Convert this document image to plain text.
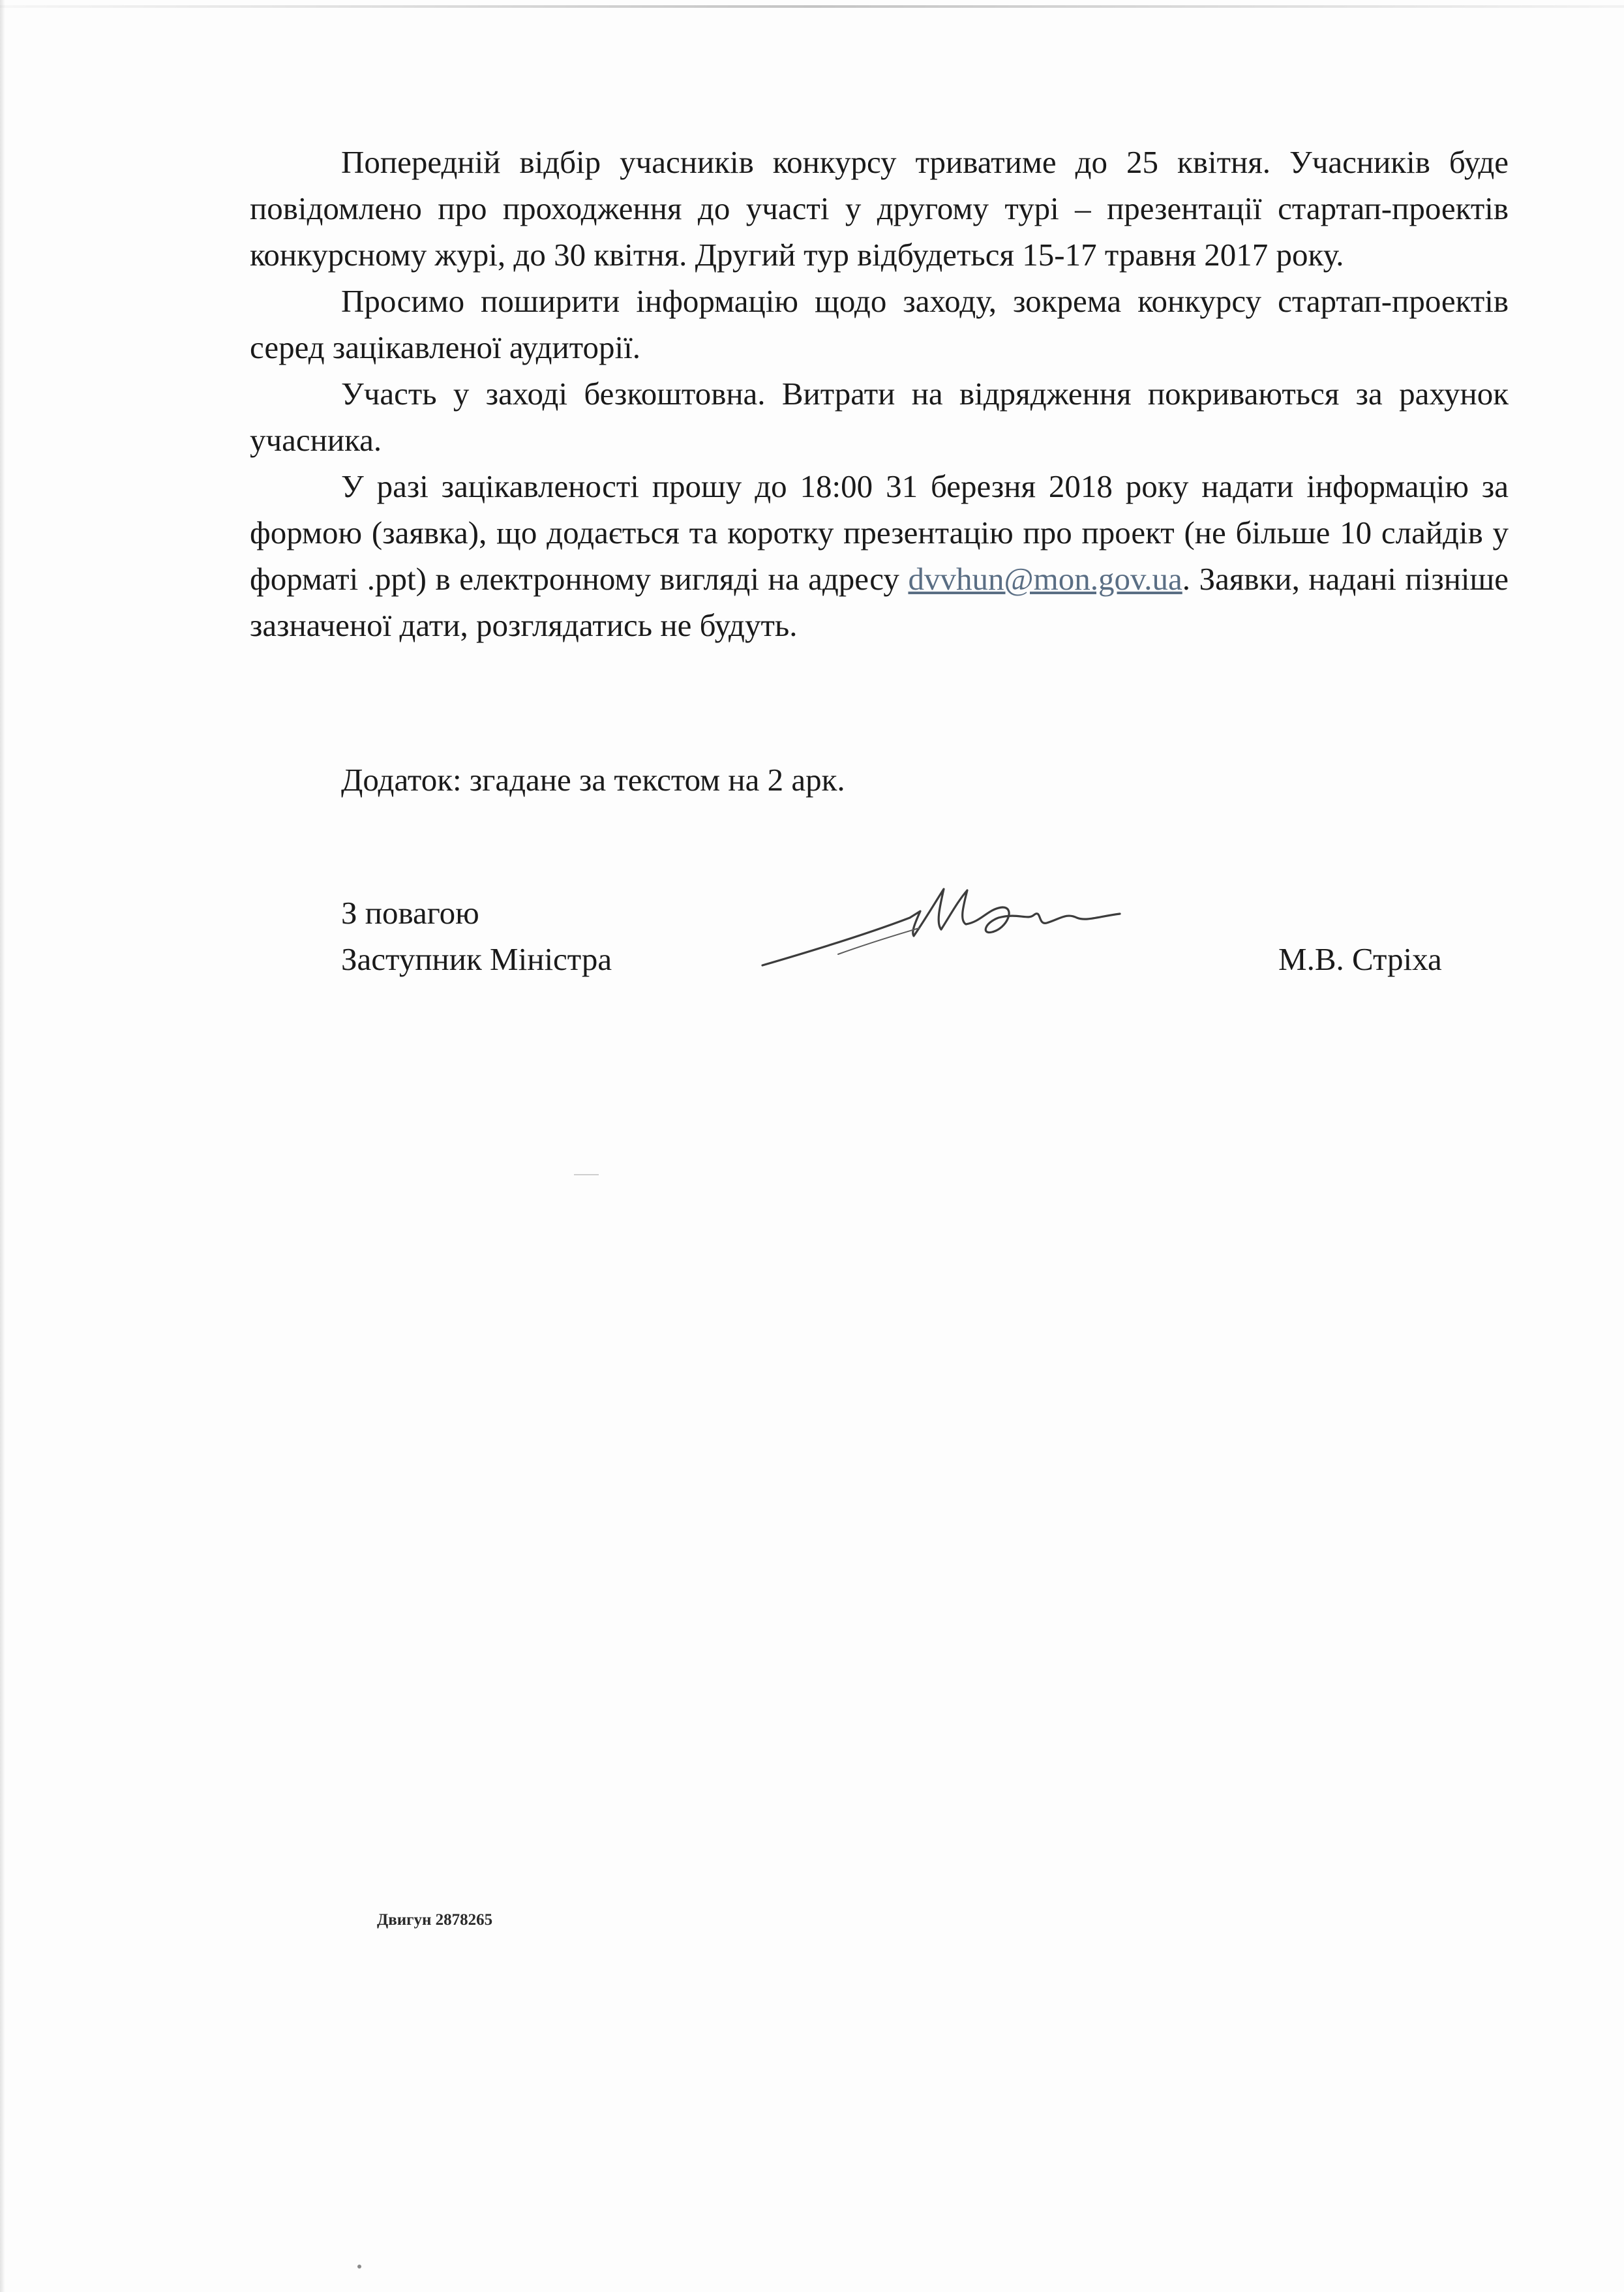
Попередній відбір учасників конкурсу триватиме до 25 квітня. Учасників буде повідомлено про проходження до участі у другому турі – презентації стартап-проектів конкурсному журі, до 30 квітня. Другий тур відбудеться 15-17 травня 2017 року.

Просимо поширити інформацію щодо заходу, зокрема конкурсу стартап-проектів серед зацікавленої аудиторії.

Участь у заході безкоштовна. Витрати на відрядження покриваються за рахунок учасника.

У разі зацікавленості прошу до 18:00 31 березня 2018 року надати інформацію за формою (заявка), що додається та коротку презентацію про проект (не більше 10 слайдів у форматі .ppt) в електронному вигляді на адресу dvvhun@mon.gov.ua. Заявки, надані пізніше зазначеної дати, розглядатись не будуть.

Додаток: згадане за текстом на 2 арк.
З повагою
Заступник Міністра	М.В. Стріха
Двигун 2878265
